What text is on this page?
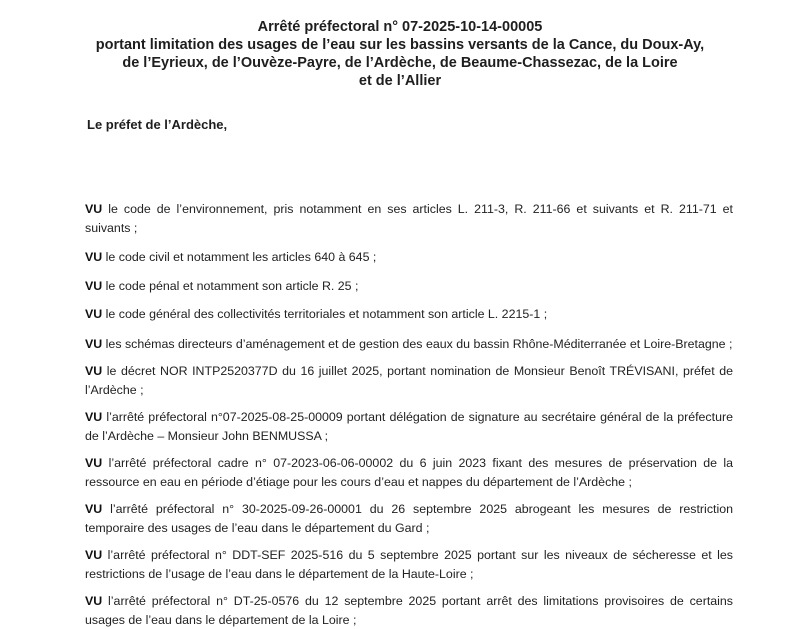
Arrêté préfectoral n° 07-2025-10-14-00005
portant limitation des usages de l’eau sur les bassins versants de la Cance, du Doux-Ay,
de l’Eyrieux, de l’Ouvèze-Payre, de l’Ardèche, de Beaume-Chassezac, de la Loire
et de l’Allier
Le préfet de l’Ardèche,
VU le code de l’environnement, pris notamment en ses articles L. 211-3, R. 211-66 et suivants et R. 211-71 et suivants ;
VU le code civil et notamment les articles 640 à 645 ;
VU le code pénal et notamment son article R. 25 ;
VU le code général des collectivités territoriales et notamment son article L. 2215-1 ;
VU les schémas directeurs d’aménagement et de gestion des eaux du bassin Rhône-Méditerranée et Loire-Bretagne ;
VU le décret NOR INTP2520377D du 16 juillet 2025, portant nomination de Monsieur Benoît TRÉVISANI, préfet de l’Ardèche ;
VU l’arrêté préfectoral n°07-2025-08-25-00009 portant délégation de signature au secrétaire général de la préfecture de l’Ardèche – Monsieur John BENMUSSA ;
VU l’arrêté préfectoral cadre n° 07-2023-06-06-00002 du 6 juin 2023 fixant des mesures de préservation de la ressource en eau en période d’étiage pour les cours d’eau et nappes du département de l’Ardèche ;
VU l’arrêté préfectoral n° 30-2025-09-26-00001 du 26 septembre 2025 abrogeant les mesures de restriction temporaire des usages de l’eau dans le département du Gard ;
VU l’arrêté préfectoral n° DDT-SEF 2025-516 du 5 septembre 2025 portant sur les niveaux de sécheresse et les restrictions de l’usage de l’eau dans le département de la Haute-Loire ;
VU l’arrêté préfectoral n° DT-25-0576 du 12 septembre 2025 portant arrêt des limitations provisoires de certains usages de l’eau dans le département de la Loire ;
